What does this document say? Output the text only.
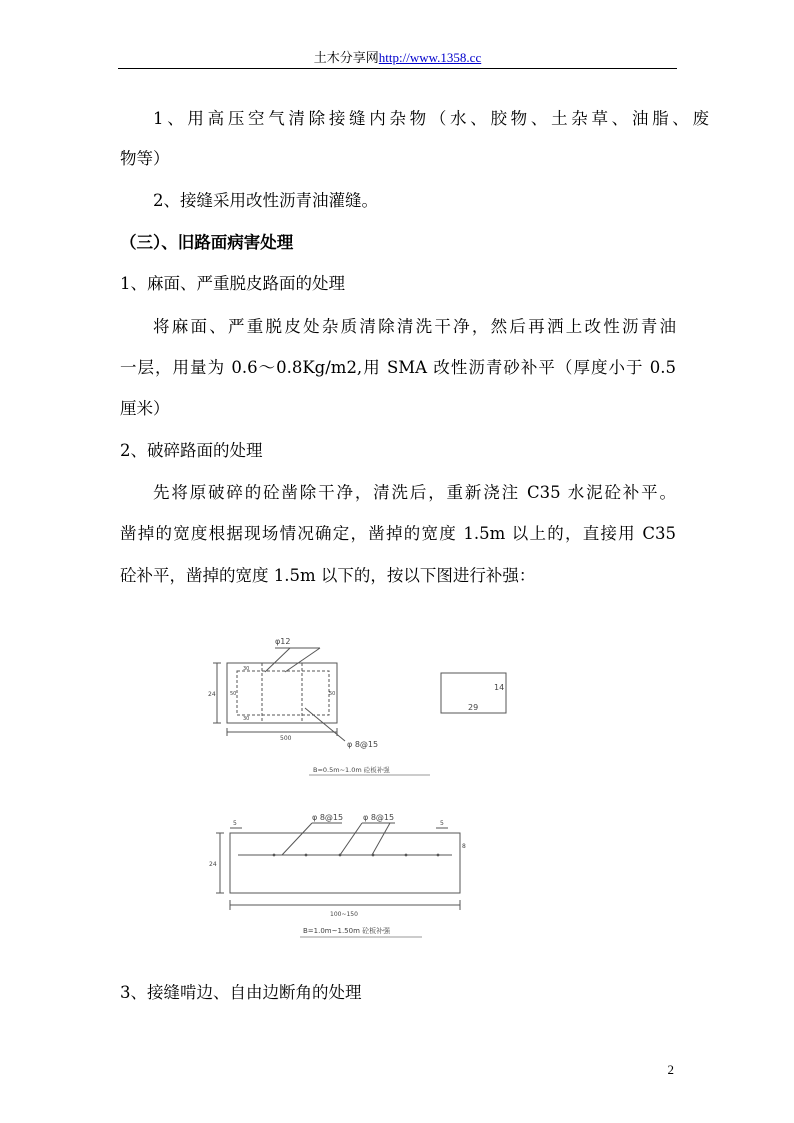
土木分享网http://www.1358.cc
1、用高压空气清除接缝内杂物（水、胶物、土杂草、油脂、废
物等）
2、接缝采用改性沥青油灌缝。
（三）、旧路面病害处理
1、麻面、严重脱皮路面的处理
将麻面、严重脱皮处杂质清除清洗干净，然后再洒上改性沥青油
一层，用量为 0.6～0.8Kg/m2,用 SMA 改性沥青砂补平（厚度小于 0.5
厘米）
2、破碎路面的处理
先将原破碎的砼凿除干净，清洗后，重新浇注 C35 水泥砼补平。
凿掉的宽度根据现场情况确定，凿掉的宽度 1.5m 以上的，直接用 C35
砼补平，凿掉的宽度 1.5m 以下的，按以下图进行补强：
φ12
φ 8@15
24
500
30
50	50
30
29
14
B=0.5m~1.0m 砼板补强
φ 8@15 φ 8@15
24
8
5	5
100~150
B=1.0m~1.50m 砼板补强
3、接缝啃边、自由边断角的处理
2
